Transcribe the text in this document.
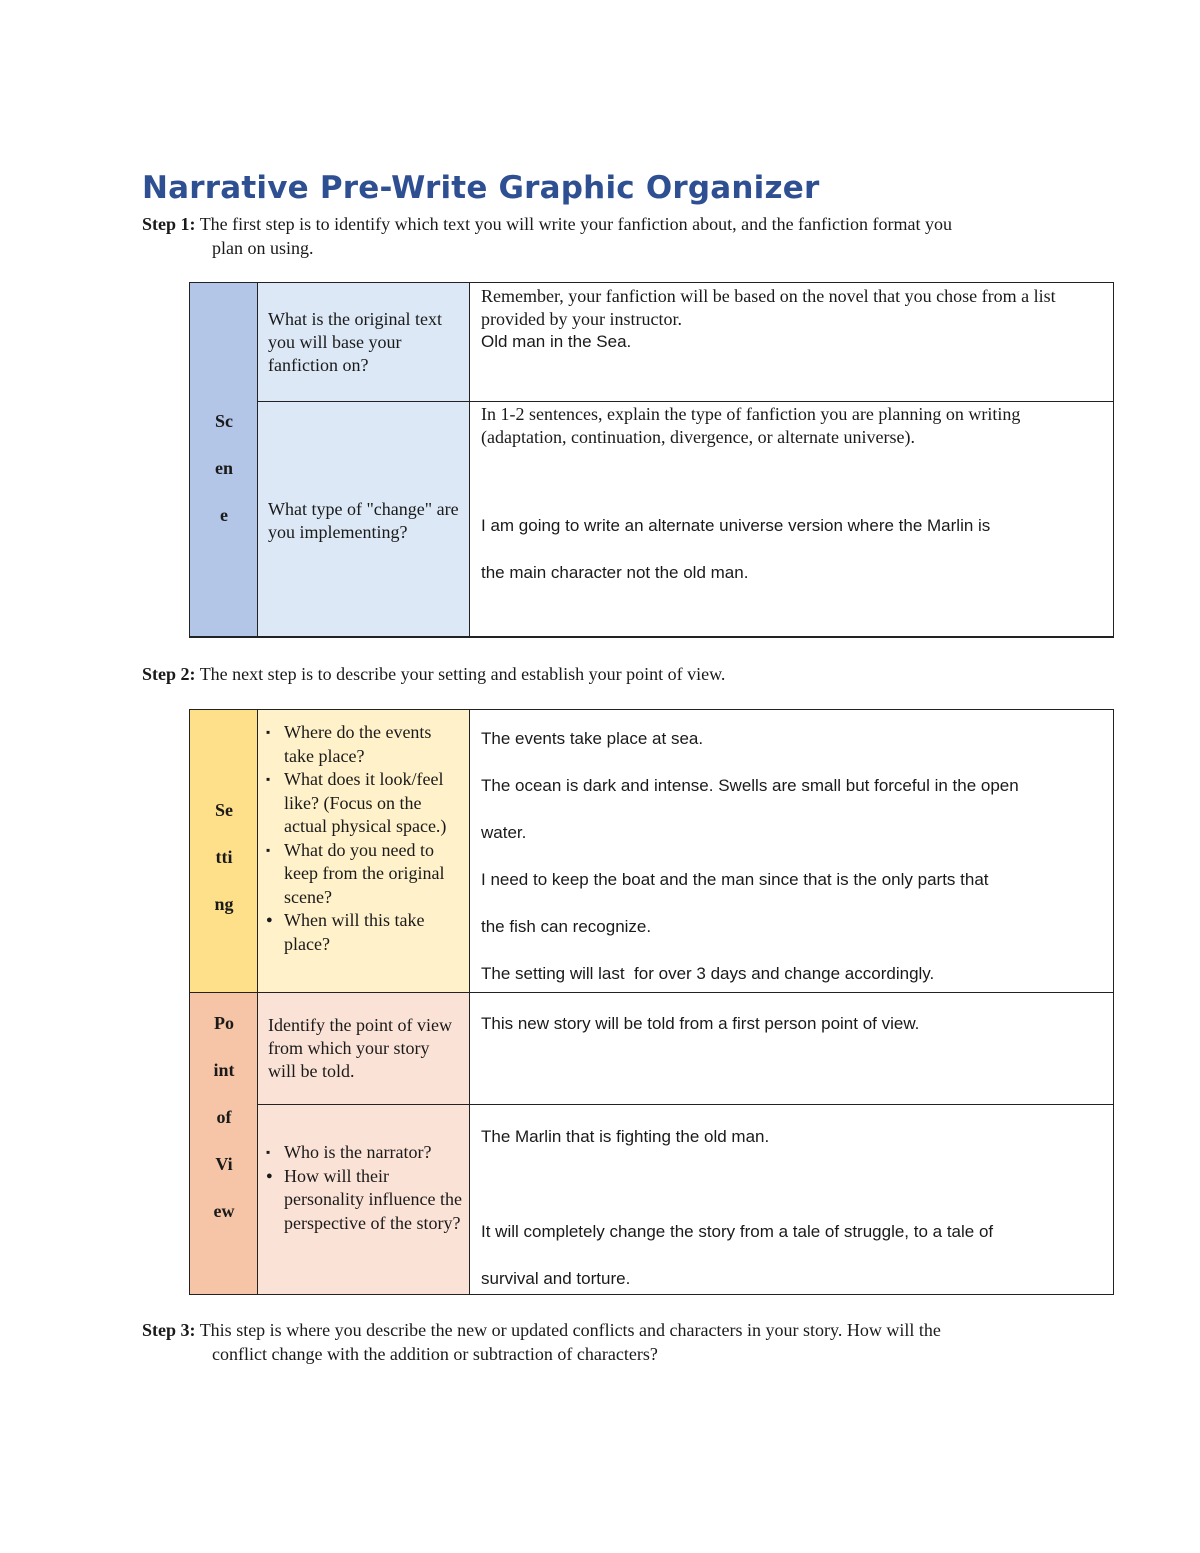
Narrative Pre-Write Graphic Organizer
Step 1: The first step is to identify which text you will write your fanfiction about, and the fanfiction format you
plan on using.
Sc
en
e
What is the original text you will base your fanfiction on?
What type of "change" are you implementing?
Remember, your fanfiction will be based on the novel that you chose from a list provided by your instructor.
Old man in the Sea.
In 1-2 sentences, explain the type of fanfiction you are planning on writing (adaptation, continuation, divergence, or alternate universe).
I am going to write an alternate universe version where the Marlin is
the main character not the old man.
Step 2: The next step is to describe your setting and establish your point of view.
Se
tti
ng
▪ Where do the events take place?
▪ What does it look/feel like? (Focus on the actual physical space.)
▪ What do you need to keep from the original scene?
● When will this take place?
The events take place at sea.
The ocean is dark and intense. Swells are small but forceful in the open
water.
I need to keep the boat and the man since that is the only parts that
the fish can recognize.
The setting will last  for over 3 days and change accordingly.
Po
int
of
Vi
ew
Identify the point of view from which your story will be told.
▪ Who is the narrator?
● How will their personality influence the perspective of the story?
This new story will be told from a first person point of view.
The Marlin that is fighting the old man.
It will completely change the story from a tale of struggle, to a tale of
survival and torture.
Step 3: This step is where you describe the new or updated conflicts and characters in your story. How will the
conflict change with the addition or subtraction of characters?
